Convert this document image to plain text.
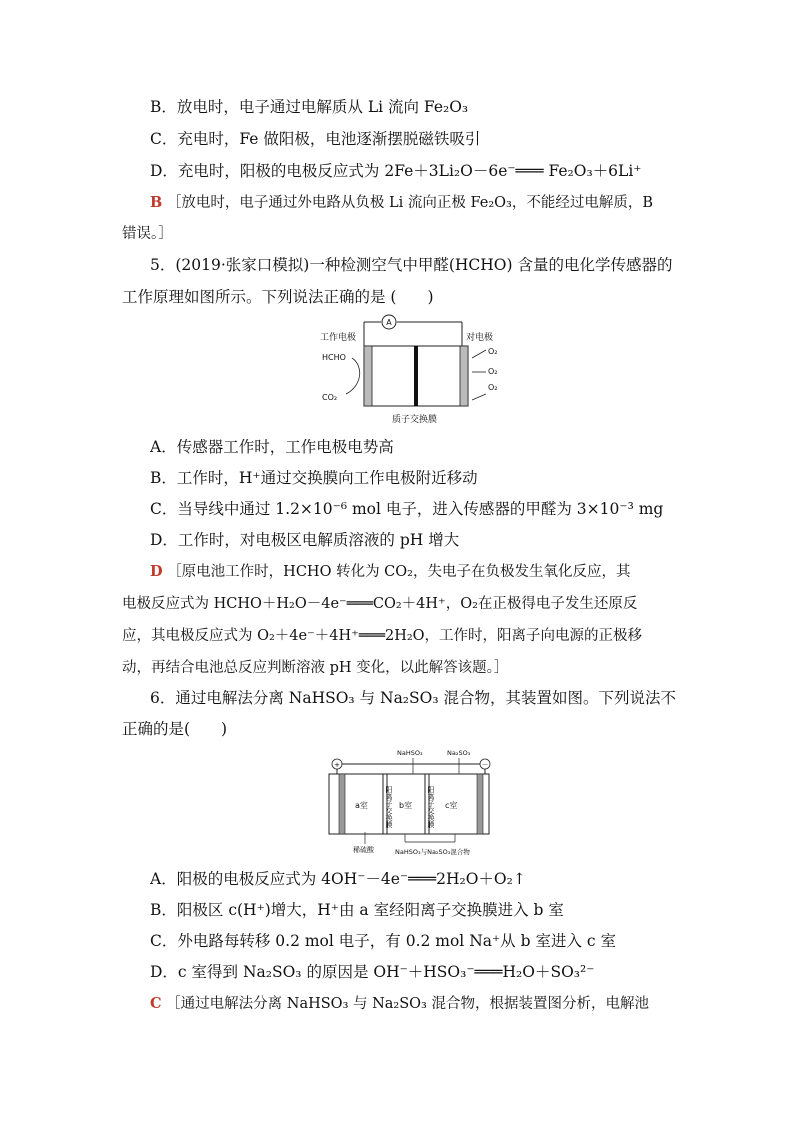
B．放电时，电子通过电解质从 Li 流向 Fe₂O₃
C．充电时，Fe 做阳极，电池逐渐摆脱磁铁吸引
D．充电时，阳极的电极反应式为 2Fe＋3Li₂O－6e⁻═══ Fe₂O₃＋6Li⁺
B ［放电时，电子通过外电路从负极 Li 流向正极 Fe₂O₃，不能经过电解质，B
错误。］
5．(2019·张家口模拟)一种检测空气中甲醛(HCHO) 含量的电化学传感器的
工作原理如图所示。下列说法正确的是 (　　)
A
工作电极	对电极
HCHO
CO₂
O₂
O₂
O₂
质子交换膜
A．传感器工作时，工作电极电势高
B．工作时，H⁺通过交换膜向工作电极附近移动
C．当导线中通过 1.2×10⁻⁶ mol 电子，进入传感器的甲醛为 3×10⁻³ mg
D．工作时，对电极区电解质溶液的 pH 增大
D ［原电池工作时，HCHO 转化为 CO₂，失电子在负极发生氧化反应，其
电极反应式为 HCHO＋H₂O－4e⁻═══CO₂＋4H⁺，O₂在正极得电子发生还原反
应，其电极反应式为 O₂＋4e⁻＋4H⁺═══2H₂O，工作时，阳离子向电源的正极移
动，再结合电池总反应判断溶液 pH 变化，以此解答该题。］
6．通过电解法分离 NaHSO₃ 与 Na₂SO₃ 混合物，其装置如图。下列说法不
正确的是(　　)
+	－
NaHSO₃	Na₂SO₃
a室	b室	c室
阳离子交换膜	阳离子交换膜
稀硫酸	NaHSO₃与Na₂SO₃混合物
A．阳极的电极反应式为 4OH⁻－4e⁻═══2H₂O＋O₂↑
B．阳极区 c(H⁺)增大，H⁺由 a 室经阳离子交换膜进入 b 室
C．外电路每转移 0.2 mol 电子，有 0.2 mol Na⁺从 b 室进入 c 室
D．c 室得到 Na₂SO₃ 的原因是 OH⁻＋HSO₃⁻═══H₂O＋SO₃²⁻
C ［通过电解法分离 NaHSO₃ 与 Na₂SO₃ 混合物，根据装置图分析，电解池
